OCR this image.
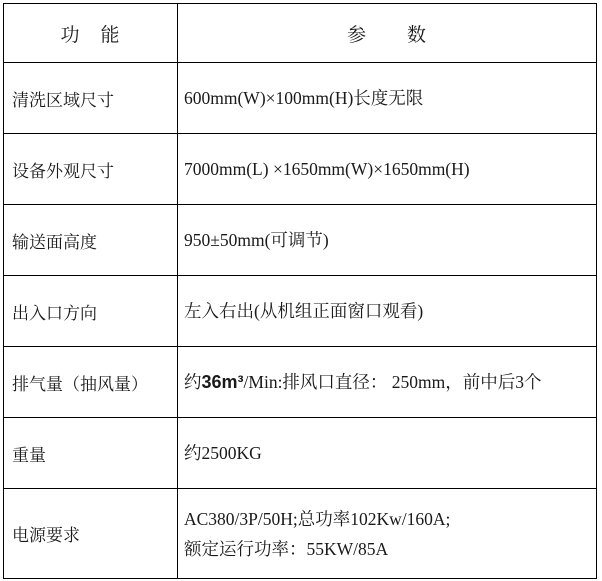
功　能	参　　数
清洗区域尺寸	600mm(W)×100mm(H)长度无限

设备外观尺寸	7000mm(L) ×1650mm(W)×1650mm(H)

输送面高度	950±50mm(可调节)

出入口方向	左入右出(从机组正面窗口观看)

排气量（抽风量）	约36m³/Min:排风口直径： 250mm，前中后3个

重量	约2500KG

电源要求	AC380/3P/50H;总功率102Kw/160A;
额定运行功率：55KW/85A
